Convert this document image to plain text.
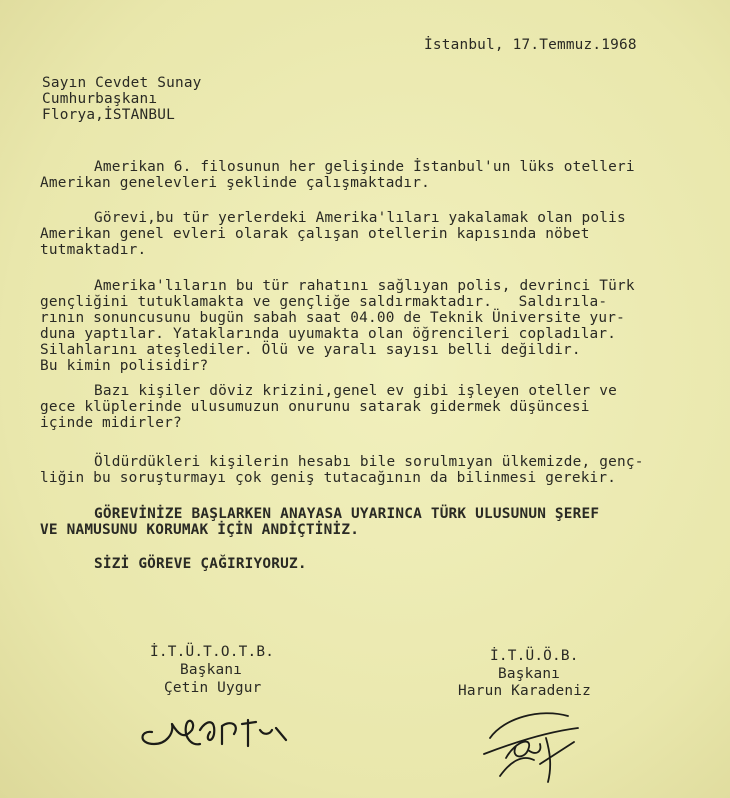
İstanbul, 17.Temmuz.1968

Sayın Cevdet Sunay

Cumhurbaşkanı

Florya,İSTANBUL

Amerikan 6. filosunun her gelişinde İstanbul'un lüks otelleri

Amerikan genelevleri şeklinde çalışmaktadır.

Görevi,bu tür yerlerdeki Amerika'lıları yakalamak olan polis

Amerikan genel evleri olarak çalışan otellerin kapısında nöbet

tutmaktadır.

Amerika'lıların bu tür rahatını sağlıyan polis, devrinci Türk

gençliğini tutuklamakta ve gençliğe saldırmaktadır.   Saldırıla-

rının sonuncusunu bugün sabah saat 04.00 de Teknik Üniversite yur-

duna yaptılar. Yataklarında uyumakta olan öğrencileri copladılar.

Silahlarını ateşlediler. Ölü ve yaralı sayısı belli değildir.

Bu kimin polisidir?

Bazı kişiler döviz krizini,genel ev gibi işleyen oteller ve

gece klüplerinde ulusumuzun onurunu satarak gidermek düşüncesi

içinde midirler?

Öldürdükleri kişilerin hesabı bile sorulmıyan ülkemizde, genç-

liğin bu soruşturmayı çok geniş tutacağının da bilinmesi gerekir.

GÖREVİNİZE BAŞLARKEN ANAYASA UYARINCA TÜRK ULUSUNUN ŞEREF

VE NAMUSUNU KORUMAK İÇİN ANDİÇTİNİZ.

SİZİ GÖREVE ÇAĞIRIYORUZ.

İ.T.Ü.T.O.T.B.

Başkanı

Çetin Uygur

İ.T.Ü.Ö.B.

Başkanı

Harun Karadeniz
